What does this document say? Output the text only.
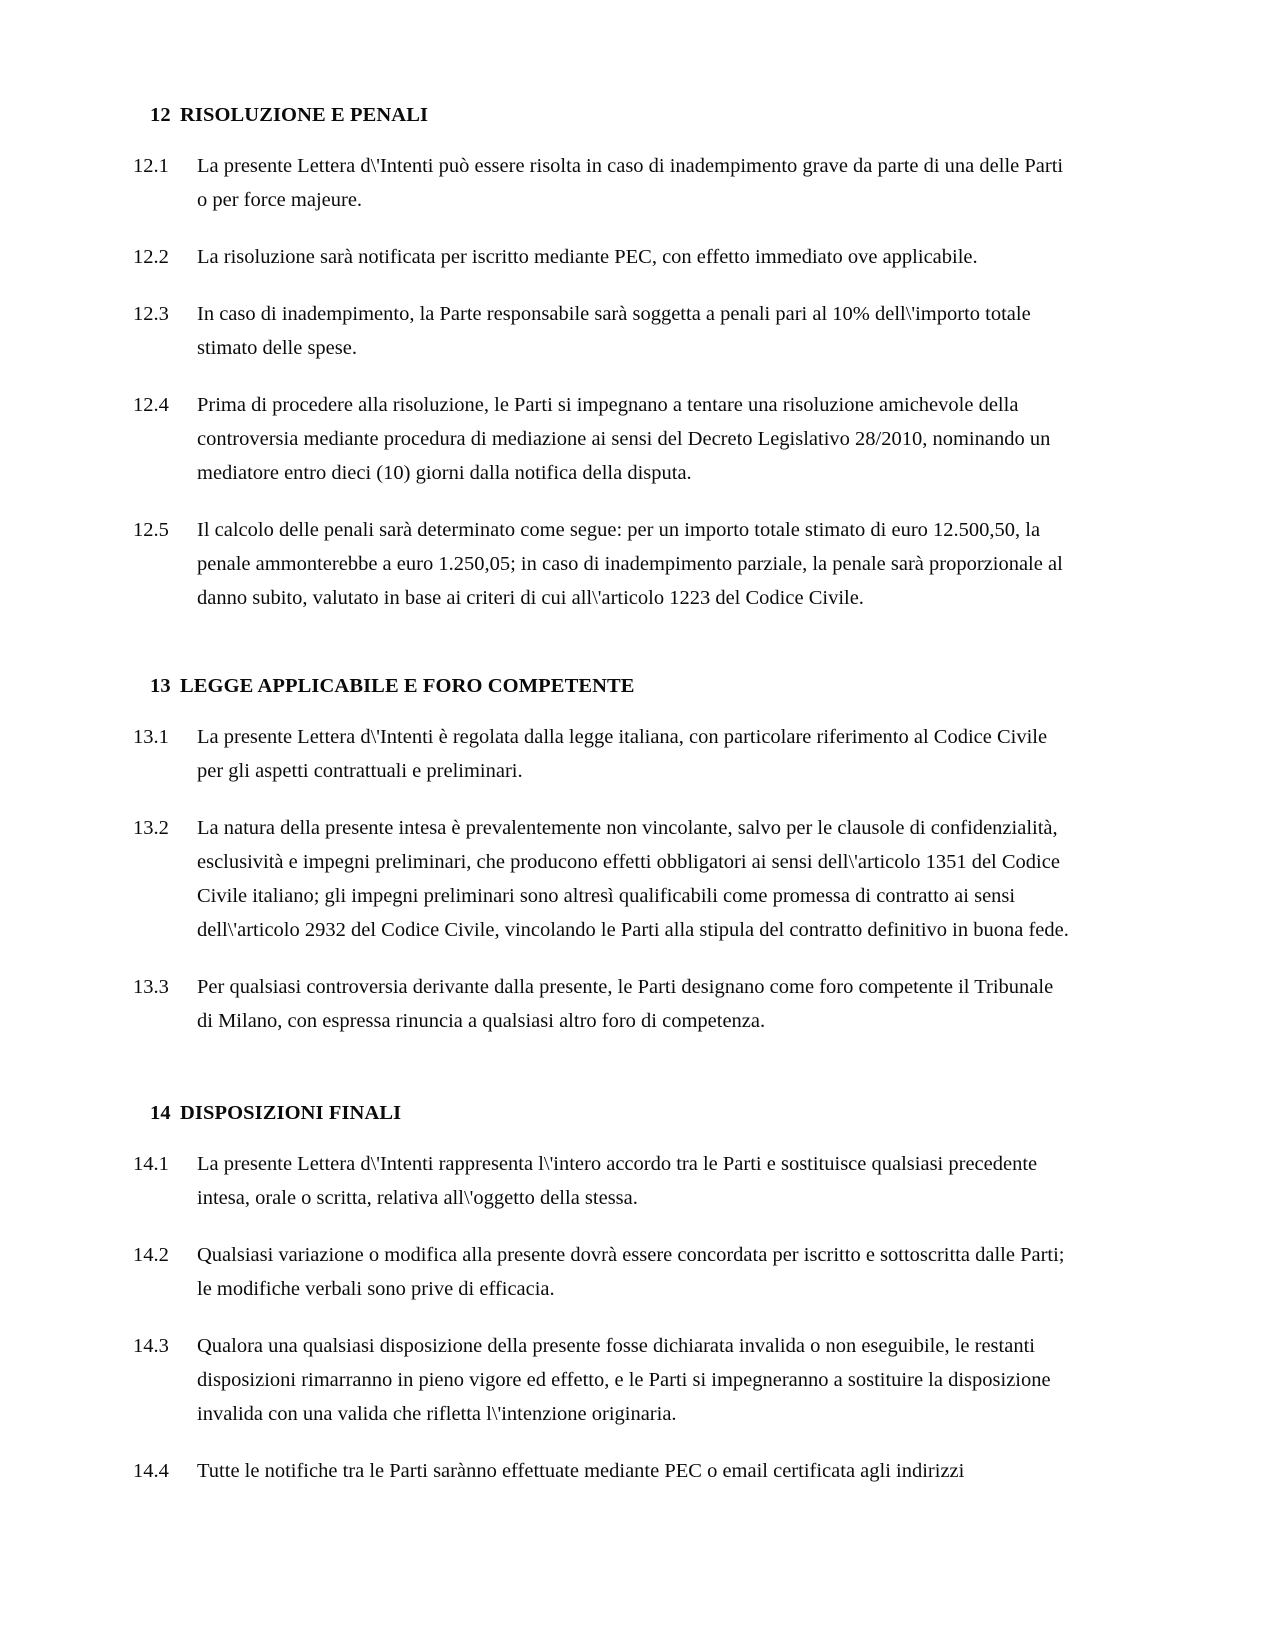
12 RISOLUZIONE E PENALI
12.1	La presente Lettera d\'Intenti può essere risolta in caso di inadempimento grave da parte di una delle Parti o per force majeure.
12.2	La risoluzione sarà notificata per iscritto mediante PEC, con effetto immediato ove applicabile.
12.3	In caso di inadempimento, la Parte responsabile sarà soggetta a penali pari al 10% dell\'importo totale stimato delle spese.
12.4	Prima di procedere alla risoluzione, le Parti si impegnano a tentare una risoluzione amichevole della controversia mediante procedura di mediazione ai sensi del Decreto Legislativo 28/2010, nominando un mediatore entro dieci (10) giorni dalla notifica della disputa.
12.5	Il calcolo delle penali sarà determinato come segue: per un importo totale stimato di euro 12.500,50, la penale ammonterebbe a euro 1.250,05; in caso di inadempimento parziale, la penale sarà proporzionale al danno subito, valutato in base ai criteri di cui all\'articolo 1223 del Codice Civile.
13 LEGGE APPLICABILE E FORO COMPETENTE
13.1	La presente Lettera d\'Intenti è regolata dalla legge italiana, con particolare riferimento al Codice Civile per gli aspetti contrattuali e preliminari.
13.2	La natura della presente intesa è prevalentemente non vincolante, salvo per le clausole di confidenzialità, esclusività e impegni preliminari, che producono effetti obbligatori ai sensi dell\'articolo 1351 del Codice Civile italiano; gli impegni preliminari sono altresì qualificabili come promessa di contratto ai sensi dell\'articolo 2932 del Codice Civile, vincolando le Parti alla stipula del contratto definitivo in buona fede.
13.3	Per qualsiasi controversia derivante dalla presente, le Parti designano come foro competente il Tribunale di Milano, con espressa rinuncia a qualsiasi altro foro di competenza.
14 DISPOSIZIONI FINALI
14.1	La presente Lettera d\'Intenti rappresenta l\'intero accordo tra le Parti e sostituisce qualsiasi precedente intesa, orale o scritta, relativa all\'oggetto della stessa.
14.2	Qualsiasi variazione o modifica alla presente dovrà essere concordata per iscritto e sottoscritta dalle Parti; le modifiche verbali sono prive di efficacia.
14.3	Qualora una qualsiasi disposizione della presente fosse dichiarata invalida o non eseguibile, le restanti disposizioni rimarranno in pieno vigore ed effetto, e le Parti si impegneranno a sostituire la disposizione invalida con una valida che rifletta l\'intenzione originaria.
14.4	Tutte le notifiche tra le Parti sarànno effettuate mediante PEC o email certificata agli indirizzi
